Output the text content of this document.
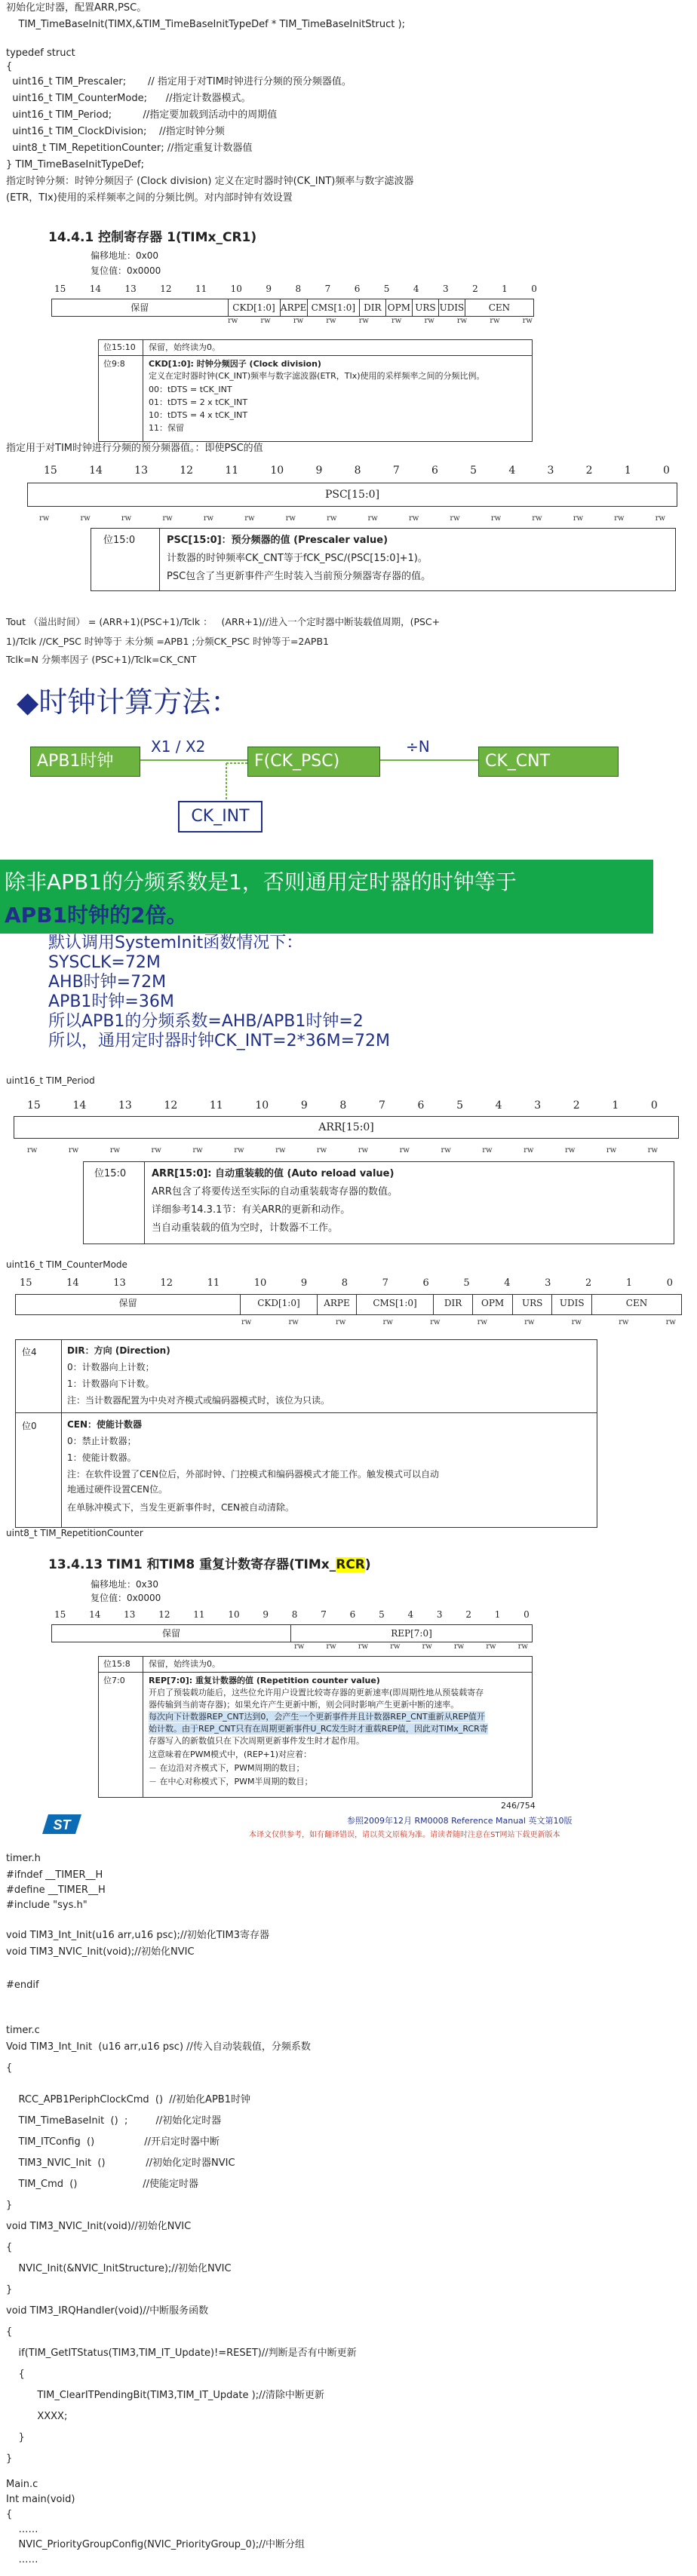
初始化定时器，配置ARR,PSC。
TIM_TimeBaseInit(TIMX,&TIM_TimeBaseInitTypeDef * TIM_TimeBaseInitStruct );
typedef struct
{
uint16_t TIM_Prescaler;       // 指定用于对TIM时钟进行分频的预分频器值。
uint16_t TIM_CounterMode;      //指定计数器模式。
uint16_t TIM_Period;          //指定要加载到活动中的周期值
uint16_t TIM_ClockDivision;    //指定时钟分频
uint8_t TIM_RepetitionCounter; //指定重复计数器值
} TIM_TimeBaseInitTypeDef;
指定时钟分频：时钟分频因子 (Clock division) 定义在定时器时钟(CK_INT)频率与数字滤波器
(ETR，TIx)使用的采样频率之间的分频比例。对内部时钟有效设置
14.4.1 控制寄存器 1(TIMx_CR1)
偏移地址：0x00
复位值：0x0000
15	14	13	12	11	10	9	8	7	6	5	4	3	2	1	0
保留	CKD[1:0] ARPE CMS[1:0] DIR OPM URS UDIS	CEN
rw	rw	rw	rw	rw	rw	rw	rw	rw	rw
位15:10 保留，始终读为0。
位9:8	CKD[1:0]: 时钟分频因子 (Clock division)
定义在定时器时钟(CK_INT)频率与数字滤波器(ETR，TIx)使用的采样频率之间的分频比例。
00：tDTS = tCK_INT
01：tDTS = 2 x tCK_INT
10：tDTS = 4 x tCK_INT
11：保留
指定用于对TIM时钟进行分频的预分频器值。：即使PSC的值
15	14	13	12	11	10	9	8	7	6	5	4	3	2	1	0
PSC[15:0]
rw	rw	rw	rw	rw	rw	rw	rw	rw	rw	rw	rw	rw	rw	rw	rw
位15:0	PSC[15:0]：预分频器的值 (Prescaler value)
计数器的时钟频率CK_CNT等于fCK_PSC/(PSC[15:0]+1)。
PSC包含了当更新事件产生时装入当前预分频器寄存器的值。
Tout （溢出时间） = (ARR+1)(PSC+1)/Tclk ：   (ARR+1)//进入一个定时器中断装载值周期，(PSC+
1)/Tclk //CK_PSC 时钟等于 未分频 =APB1 ;分频CK_PSC 时钟等于=2APB1
Tclk=N 分频率因子 (PSC+1)/Tclk=CK_CNT
◆时钟计算方法：
X1 / X2	÷N
APB1时钟	F(CK_PSC)	CK_CNT
CK_INT
除非APB1的分频系数是1，否则通用定时器的时钟等于
APB1时钟的2倍。
默认调用SystemInit函数情况下：
SYSCLK=72M
AHB时钟=72M
APB1时钟=36M
所以APB1的分频系数=AHB/APB1时钟=2
所以，通用定时器时钟CK_INT=2*36M=72M
uint16_t TIM_Period
15	14	13	12	11	10	9	8	7	6	5	4	3	2	1	0
ARR[15:0]
rw	rw	rw	rw	rw	rw	rw	rw	rw	rw	rw	rw	rw	rw	rw	rw
位15:0	ARR[15:0]: 自动重装载的值 (Auto reload value)
ARR包含了将要传送至实际的自动重装载寄存器的数值。
详细参考14.3.1节：有关ARR的更新和动作。
当自动重装载的值为空时，计数器不工作。
uint16_t TIM_CounterMode
15	14	13	12	11	10	9	8	7	6	5	4	3	2	1	0
保留	CKD[1:0]	ARPE	CMS[1:0]	DIR	OPM	URS	UDIS	CEN
rw	rw	rw	rw	rw	rw	rw	rw	rw	rw
位4	DIR：方向 (Direction)
0：计数器向上计数；
1：计数器向下计数。
注：当计数器配置为中央对齐模式或编码器模式时，该位为只读。
位0	CEN：使能计数器
0：禁止计数器；
1：使能计数器。
注：在软件设置了CEN位后，外部时钟、门控模式和编码器模式才能工作。触发模式可以自动
地通过硬件设置CEN位。
在单脉冲模式下，当发生更新事件时，CEN被自动清除。
uint8_t TIM_RepetitionCounter
13.4.13 TIM1 和TIM8 重复计数寄存器(TIMx_RCR)
偏移地址：0x30
复位值：0x0000
15	14	13	12	11	10	9	8	7	6	5	4	3	2	1	0
保留	REP[7:0]
rw	rw	rw	rw	rw	rw	rw	rw
位15:8 保留，始终读为0。
位7:0	REP[7:0]: 重复计数器的值 (Repetition counter value)
开启了预装载功能后，这些位允许用户设置比较寄存器的更新速率(即周期性地从预装载寄存
器传输到当前寄存器)；如果允许产生更新中断，则会同时影响产生更新中断的速率。
每次向下计数器REP_CNT达到0，会产生一个更新事件并且计数器REP_CNT重新从REP值开
始计数。由于REP_CNT只有在周期更新事件U_RC发生时才重载REP值，因此对TIMx_RCR寄
存器写入的新数值只在下次周期更新事件发生时才起作用。
这意味着在PWM模式中，(REP+1)对应着：
－ 在边沿对齐模式下，PWM周期的数目；
－ 在中心对称模式下，PWM半周期的数目；
246/754
参照2009年12月 RM0008 Reference Manual 英文第10版
本译文仅供参考，如有翻译错误，请以英文原稿为准。请读者随时注意在ST网站下载更新版本
ST
timer.h
#ifndef __TIMER__H
#define __TIMER__H
#include "sys.h"
void TIM3_Int_Init(u16 arr,u16 psc);//初始化TIM3寄存器
void TIM3_NVIC_Init(void);//初始化NVIC
#endif
timer.c
Void TIM3_Int_Init  (u16 arr,u16 psc) //传入自动装载值，分频系数
{
RCC_APB1PeriphClockCmd  ()  //初始化APB1时钟
TIM_TimeBaseInit  ()  ;         //初始化定时器
TIM_ITConfig  ()                //开启定时器中断
TIM3_NVIC_Init  ()             //初始化定时器NVIC
TIM_Cmd  ()                     //使能定时器
}
void TIM3_NVIC_Init(void)//初始化NVIC
{
NVIC_Init(&NVIC_InitStructure);//初始化NVIC
}
void TIM3_IRQHandler(void)//中断服务函数
{
if(TIM_GetITStatus(TIM3,TIM_IT_Update)!=RESET)//判断是否有中断更新
{
TIM_ClearITPendingBit(TIM3,TIM_IT_Update );//清除中断更新
XXXX;
}
}
Main.c
Int main(void)
{
……
NVIC_PriorityGroupConfig(NVIC_PriorityGroup_0);//中断分组
……
